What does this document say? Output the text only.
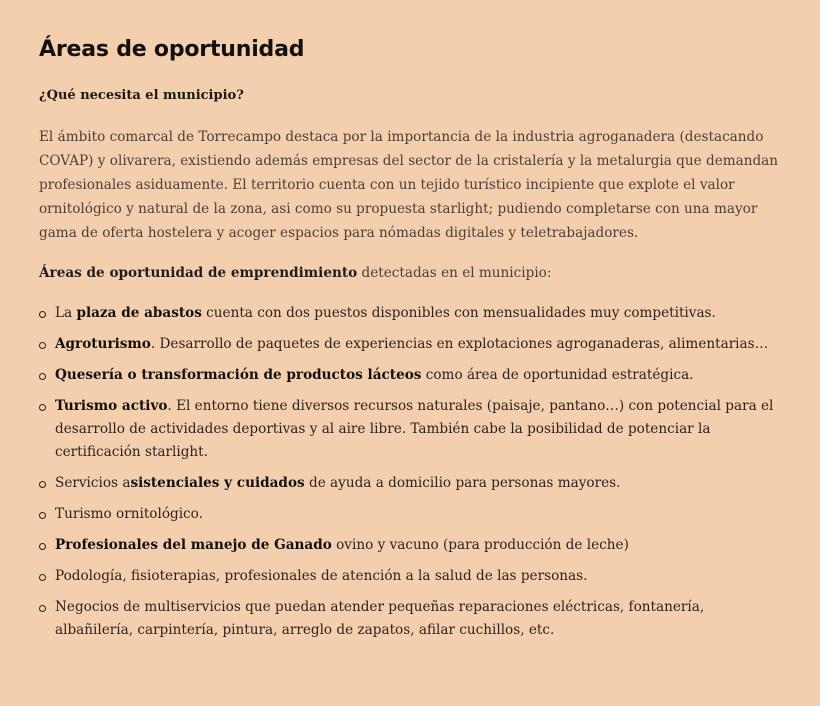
Áreas de oportunidad
¿Qué necesita el municipio?

El ámbito comarcal de Torrecampo destaca por la importancia de la industria agroganadera (destacando COVAP) y olivarera, existiendo además empresas del sector de la cristalería y la metalurgia que demandan profesionales asiduamente. El territorio cuenta con un tejido turístico incipiente que explote el valor ornitológico y natural de la zona, asi como su propuesta starlight; pudiendo completarse con una mayor gama de oferta hostelera y acoger espacios para nómadas digitales y teletrabajadores.

Áreas de oportunidad de emprendimiento detectadas en el municipio:

La plaza de abastos cuenta con dos puestos disponibles con mensualidades muy competitivas.
Agroturismo. Desarrollo de paquetes de experiencias en explotaciones agroganaderas, alimentarias…
Quesería o transformación de productos lácteos como área de oportunidad estratégica.
Turismo activo. El entorno tiene diversos recursos naturales (paisaje, pantano…) con potencial para el desarrollo de actividades deportivas y al aire libre. También cabe la posibilidad de potenciar la certificación starlight.
Servicios asistenciales y cuidados de ayuda a domicilio para personas mayores.
Turismo ornitológico.
Profesionales del manejo de Ganado ovino y vacuno (para producción de leche)
Podología, fisioterapias, profesionales de atención a la salud de las personas.
Negocios de multiservicios que puedan atender pequeñas reparaciones eléctricas, fontanería, albañilería, carpintería, pintura, arreglo de zapatos, afilar cuchillos, etc.
